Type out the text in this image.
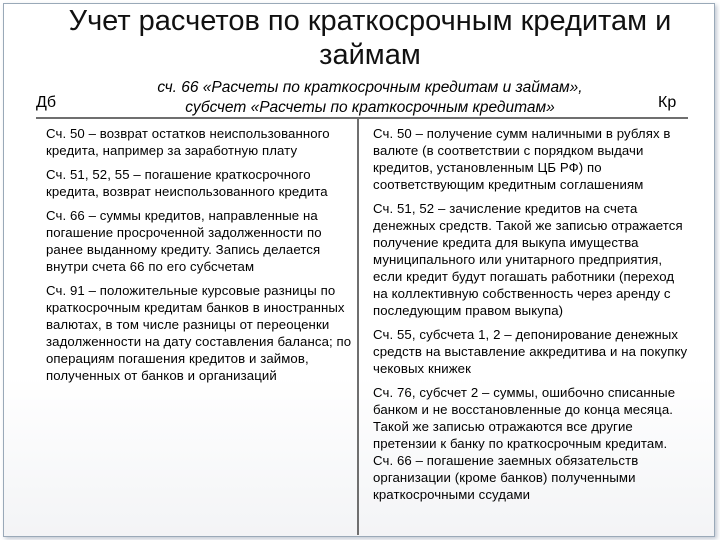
Учет расчетов по краткосрочным кредитам и займам
сч. 66 «Расчеты по краткосрочным кредитам и займам»,
субсчет «Расчеты по краткосрочным кредитам»
Дб	Кр

Сч. 50 – возврат остатков неиспользованного кредита, например за заработную плату

Сч. 51, 52, 55 – погашение краткосрочного кредита, возврат неиспользованного кредита

Сч. 66 – суммы кредитов, направленные на погашение просроченной задолженности по ранее выданному кредиту. Запись делается внутри счета 66 по его субсчетам

Сч. 91 – положительные курсовые разницы по краткосрочным кредитам банков в иностранных валютах, в том числе разницы от переоценки задолженности на дату составления баланса; по операциям погашения кредитов и займов, полученных от банков и организаций

Сч. 50 – получение сумм наличными в рублях в валюте (в соответствии с порядком выдачи кредитов, установленным ЦБ РФ) по соответствующим кредитным соглашениям

Сч. 51, 52 – зачисление кредитов на счета денежных средств. Такой же записью отражается получение кредита для выкупа имущества муниципального или унитарного предприятия, если кредит будут погашать работники (переход на коллективную собственность через аренду с последующим правом выкупа)

Сч. 55, субсчета 1, 2 – депонирование денежных средств на выставление аккредитива и на покупку чековых книжек

Сч. 76, субсчет 2 – суммы, ошибочно списанные банком и не восстановленные до конца месяца. Такой же записью отражаются все другие претензии к банку по краткосрочным кредитам.

Сч. 66 – погашение заемных обязательств организации (кроме банков) полученными краткосрочными ссудами
